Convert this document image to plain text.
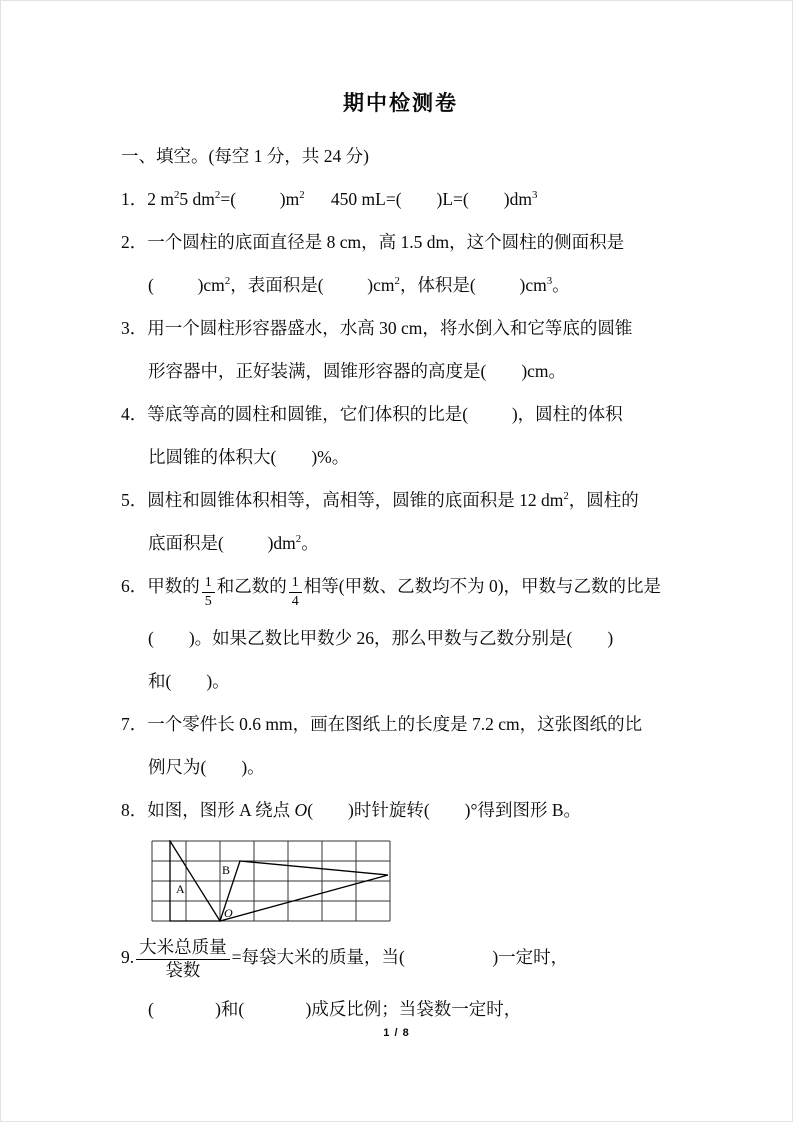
期中检测卷
一、填空。(每空 1 分，共 24 分)
1．2 $m^25$ $dm^2=$(          )$m^2$      450 mL=(        )L=(        )$dm^3$
2．一个圆柱的底面直径是 8 cm，高 1.5 dm，这个圆柱的侧面积是
(          )$cm^2$，表面积是(          )$cm^2$，体积是(          )$cm^3$。
3．用一个圆柱形容器盛水，水高 30 cm，将水倒入和它等底的圆锥
形容器中，正好装满，圆锥形容器的高度是(        )cm。
4．等底等高的圆柱和圆锥，它们体积的比是(          )，圆柱的体积
比圆锥的体积大(        )%。
5．圆柱和圆锥体积相等，高相等，圆锥的底面积是 12 $dm^2$，圆柱的
底面积是(          )$dm^2$。
6．甲数的 $\frac{1}{5}$ 和乙数的 $\frac{1}{4}$ 相等(甲数、乙数均不为 0)，甲数与乙数的比是
(        )。如果乙数比甲数少 26，那么甲数与乙数分别是(        )
和(        )。
7．一个零件长 0.6 mm，画在图纸上的长度是 7.2 cm，这张图纸的比
例尺为(        )。
8．如图，图形 A 绕点 O(        )时针旋转(        )°得到图形 B。
A
B
O
9. $\frac{\text{大米总质量}}{\text{袋数}}$ =每袋大米的质量，当(                    )一定时，
(              )和(              )成反比例；当袋数一定时，
1 / 8
